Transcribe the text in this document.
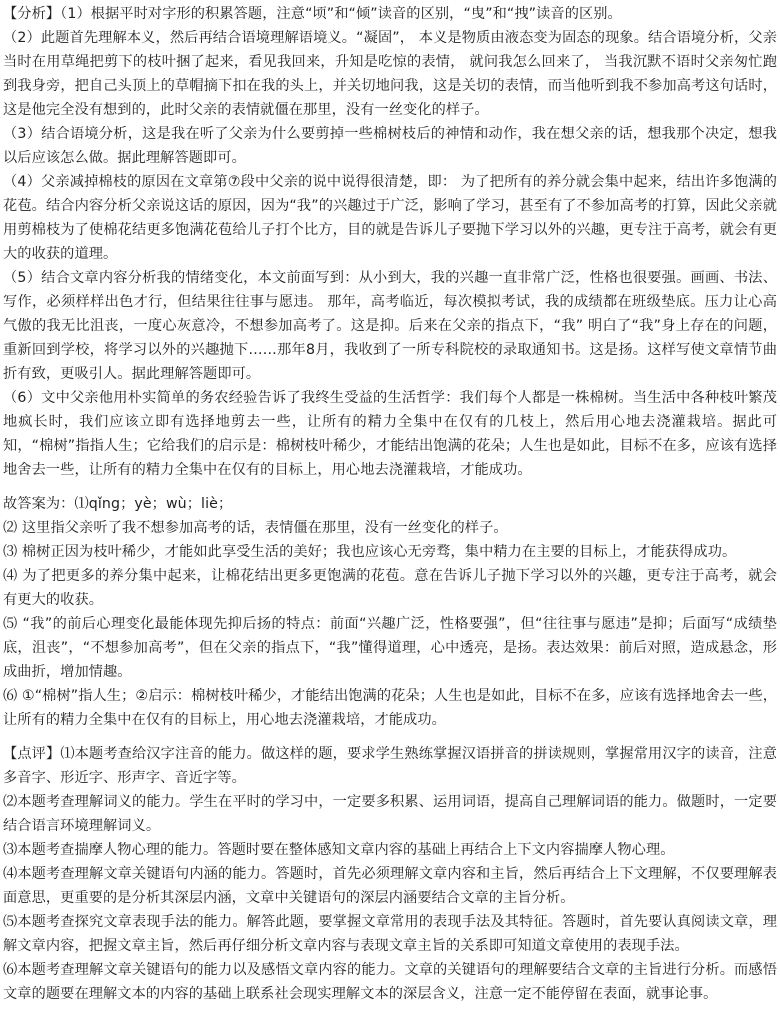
【分析】（1）根据平时对字形的积累答题，注意“顷”和“倾”读音的区别，“曳”和“拽”读音的区别。

（2）此题首先理解本义，然后再结合语境理解语境义。“凝固”， 本义是物质由液态变为固态的现象。结合语境分析，父亲当时在用草绳把剪下的枝叶捆了起来，看见我回来，升知是吃惊的表情， 就问我怎么回来了， 当我沉默不语时父亲匆忙跑到我身旁，把自己头顶上的草帽摘下扣在我的头上，并关切地问我，这是关切的表情，而当他听到我不参加高考这句话时，这是他完全没有想到的，此时父亲的表情就僵在那里，没有一丝变化的样子。

（3）结合语境分析，这是我在听了父亲为什么要剪掉一些棉树枝后的神情和动作，我在想父亲的话，想我那个决定，想我以后应该怎么做。据此理解答题即可。

（4）父亲减掉棉枝的原因在文章第⑦段中父亲的说中说得很清楚，即： 为了把所有的养分就会集中起来，结出许多饱满的花苞。结合内容分析父亲说这话的原因，因为“我”的兴趣过于广泛，影响了学习，甚至有了不参加高考的打算，因此父亲就用剪棉枝为了使棉花结更多饱满花苞给儿子打个比方，目的就是告诉儿子要抛下学习以外的兴趣，更专注于高考，就会有更大的收获的道理。

（5）结合文章内容分析我的情绪变化，本文前面写到：从小到大，我的兴趣一直非常广泛，性格也很要强。画画、书法、写作，必须样样出色才行，但结果往往事与愿违。 那年，高考临近，每次模拟考试，我的成绩都在班级垫底。压力让心高气傲的我无比沮丧，一度心灰意冷，不想参加高考了。这是抑。后来在父亲的指点下，“我” 明白了“我”身上存在的问题， 重新回到学校，将学习以外的兴趣抛下……那年8月，我收到了一所专科院校的录取通知书。这是扬。这样写使文章情节曲折有致，更吸引人。据此理解答题即可。

（6）文中父亲他用朴实简单的务农经验告诉了我终生受益的生活哲学：我们每个人都是一株棉树。当生活中各种枝叶繁茂地疯长时，我们应该立即有选择地剪去一些，让所有的精力全集中在仅有的几枝上，然后用心地去浇灌栽培。据此可知，“棉树”指指人生；它给我们的启示是：棉树枝叶稀少，才能结出饱满的花朵；人生也是如此，目标不在多，应该有选择地舍去一些，让所有的精力全集中在仅有的目标上，用心地去浇灌栽培，才能成功。

故答案为：⑴qǐng；yè；wù；liè；

⑵ 这里指父亲听了我不想参加高考的话，表情僵在那里，没有一丝变化的样子。

⑶ 棉树正因为枝叶稀少，才能如此享受生活的美好；我也应该心无旁骛，集中精力在主要的目标上，才能获得成功。

⑷ 为了把更多的养分集中起来，让棉花结出更多更饱满的花苞。意在告诉儿子抛下学习以外的兴趣，更专注于高考，就会有更大的收获。

⑸ “我”的前后心理变化最能体现先抑后扬的特点：前面“兴趣广泛，性格要强”，但“往往事与愿违”是抑；后面写“成绩垫底，沮丧”，“不想参加高考”，但在父亲的指点下，“我”懂得道理，心中透亮，是扬。表达效果：前后对照，造成悬念，形成曲折，增加情趣。

⑹ ①“棉树”指人生；②启示：棉树枝叶稀少，才能结出饱满的花朵；人生也是如此，目标不在多，应该有选择地舍去一些，让所有的精力全集中在仅有的目标上，用心地去浇灌栽培，才能成功。

【点评】⑴本题考查给汉字注音的能力。做这样的题，要求学生熟练掌握汉语拼音的拼读规则，掌握常用汉字的读音，注意多音字、形近字、形声字、音近字等。

⑵本题考查理解词义的能力。学生在平时的学习中，一定要多积累、运用词语，提高自己理解词语的能力。做题时，一定要结合语言环境理解词义。

⑶本题考查揣摩人物心理的能力。答题时要在整体感知文章内容的基础上再结合上下文内容揣摩人物心理。

⑷本题考查理解文章关键语句内涵的能力。答题时，首先必须理解文章内容和主旨，然后再结合上下文理解，不仅要理解表面意思，更重要的是分析其深层内涵，文章中关键语句的深层内涵要结合文章的主旨分析。

⑸本题考查探究文章表现手法的能力。解答此题，要掌握文章常用的表现手法及其特征。答题时，首先要认真阅读文章，理解文章内容，把握文章主旨，然后再仔细分析文章内容与表现文章主旨的关系即可知道文章使用的表现手法。

⑹本题考查理解文章关键语句的能力以及感悟文章内容的能力。文章的关键语句的理解要结合文章的主旨进行分析。而感悟文章的题要在理解文本的内容的基础上联系社会现实理解文本的深层含义，注意一定不能停留在表面，就事论事。
